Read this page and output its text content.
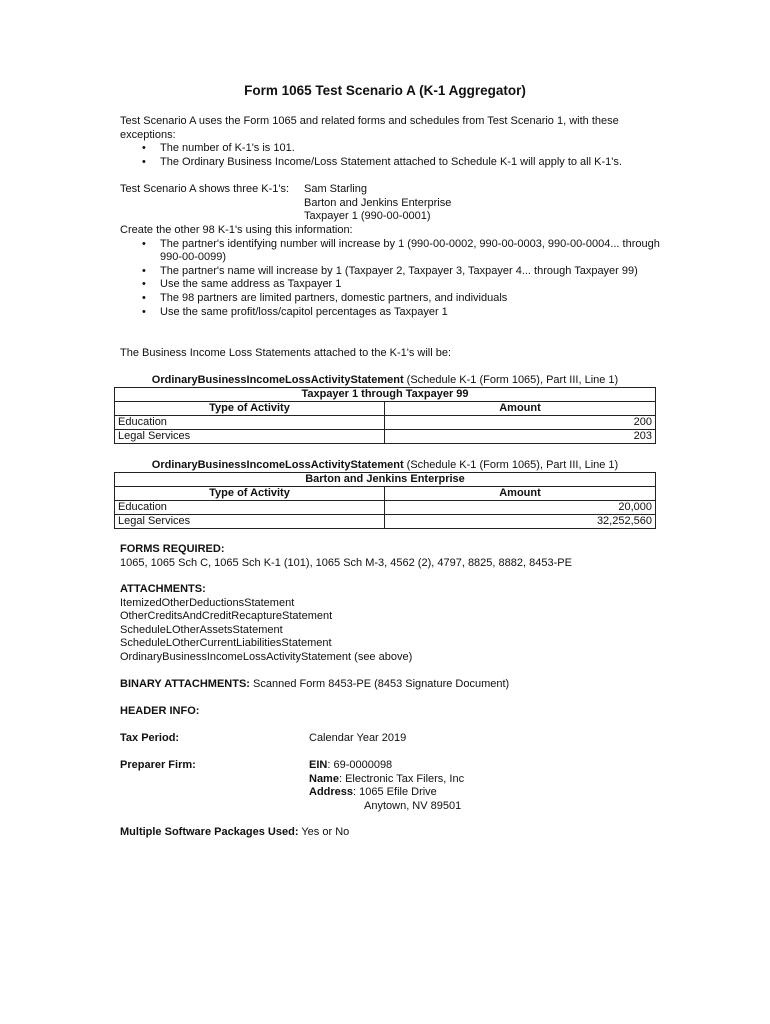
Form 1065 Test Scenario A (K-1 Aggregator)
Test Scenario A uses the Form 1065 and related forms and schedules from Test Scenario 1, with these exceptions:
• The number of K-1's is 101.
• The Ordinary Business Income/Loss Statement attached to Schedule K-1 will apply to all K-1's.
Test Scenario A shows three K-1's: Sam Starling
Barton and Jenkins Enterprise
Taxpayer 1 (990-00-0001)
Create the other 98 K-1's using this information:
• The partner's identifying number will increase by 1 (990-00-0002, 990-00-0003, 990-00-0004... through 990-00-0099)
• The partner's name will increase by 1 (Taxpayer 2, Taxpayer 3, Taxpayer 4... through Taxpayer 99)
• Use the same address as Taxpayer 1
• The 98 partners are limited partners, domestic partners, and individuals
• Use the same profit/loss/capitol percentages as Taxpayer 1
The Business Income Loss Statements attached to the K-1's will be:
OrdinaryBusinessIncomeLossActivityStatement (Schedule K-1 (Form 1065), Part III, Line 1)
Taxpayer 1 through Taxpayer 99	
Type of Activity	Amount
Education	200
Legal Services	203
OrdinaryBusinessIncomeLossActivityStatement (Schedule K-1 (Form 1065), Part III, Line 1)
Barton and Jenkins Enterprise	
Type of Activity	Amount
Education	20,000
Legal Services	32,252,560
FORMS REQUIRED:
1065, 1065 Sch C, 1065 Sch K-1 (101), 1065 Sch M-3, 4562 (2), 4797, 8825, 8882, 8453-PE
ATTACHMENTS:
ItemizedOtherDeductionsStatement
OtherCreditsAndCreditRecaptureStatement
ScheduleLOtherAssetsStatement
ScheduleLOtherCurrentLiabilitiesStatement
OrdinaryBusinessIncomeLossActivityStatement (see above)
BINARY ATTACHMENTS: Scanned Form 8453-PE (8453 Signature Document)
HEADER INFO:
Tax Period:	Calendar Year 2019
Preparer Firm:	EIN: 69-0000098
Name: Electronic Tax Filers, Inc
Address: 1065 Efile Drive
Anytown, NV 89501
Multiple Software Packages Used: Yes or No
